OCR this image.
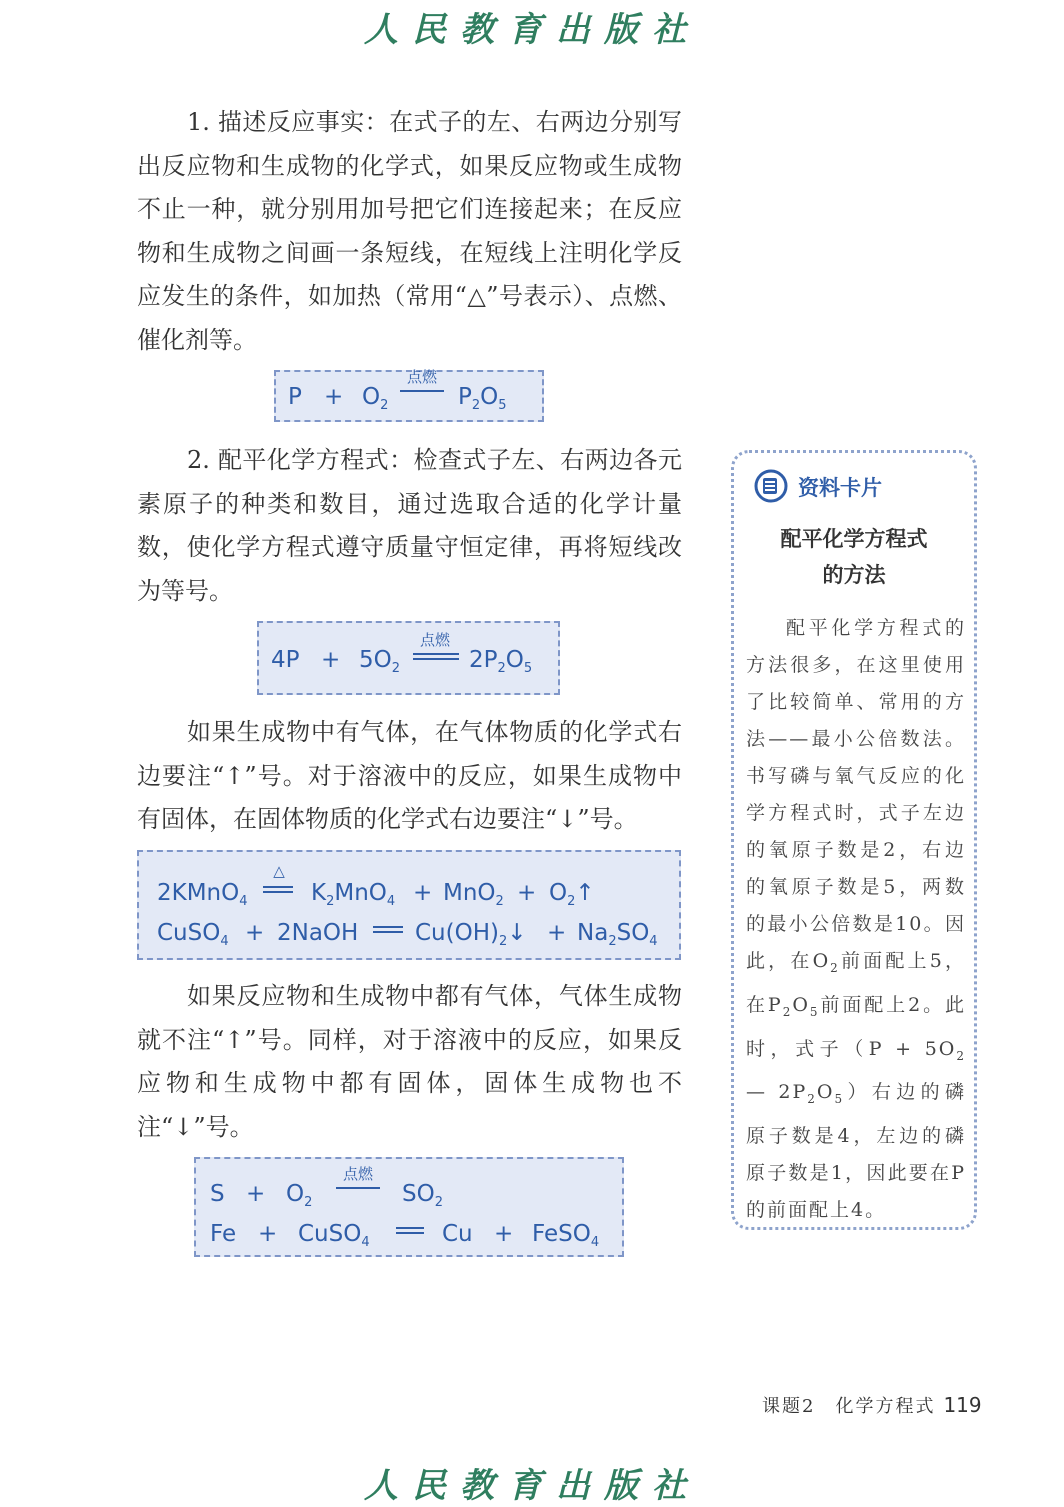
人民教育出版社

1. 描述反应事实：在式子的左、右两边分别写出反应物和生成物的化学式，如果反应物或生成物不止一种，就分别用加号把它们连接起来；在反应物和生成物之间画一条短线，在短线上注明化学反应发生的条件，如加热（常用“△”号表示）、点燃、催化剂等。

$P + O_2$
点燃
$P_2O_5$

2. 配平化学方程式：检查式子左、右两边各元素原子的种类和数目，通过选取合适的化学计量数，使化学方程式遵守质量守恒定律，再将短线改为等号。

$4P + 5O_2$
点燃
$2P_2O_5$

如果生成物中有气体，在气体物质的化学式右边要注“↑”号。对于溶液中的反应，如果生成物中有固体，在固体物质的化学式右边要注“↓”号。

2KMnO$_4$
△
$K_2MnO_4 + MnO_2$ + $O_2↑$
CuSO$_4$ + 2NaOH $Cu(OH)_2↓ + Na_2SO_4$

如果反应物和生成物中都有气体，气体生成物就不注“↑”号。同样，对于溶液中的反应，如果反应物和生成物中都有固体，固体生成物也不注“↓”号。

$S + O_2$
点燃
$SO_2$
Fe + CuSO$_4$	Cu + FeSO$_4$
资料卡片
配平化学方程式
的方法

配平化学方程式的方法很多，在这里使用了比较简单、常用的方法——最小公倍数法。书写磷与氧气反应的化学方程式时，式子左边的氧原子数是2，右边的氧原子数是5，两数的最小公倍数是10。因此，在$O_2$前面配上5，在$P_2O_5$前面配上2。此时，式子（$P + 5O_2$ — $2P_2O_5$）右边的磷原子数是4，左边的磷原子数是1，因此要在P的前面配上4。

课题2　化学方程式 119
人民教育出版社
